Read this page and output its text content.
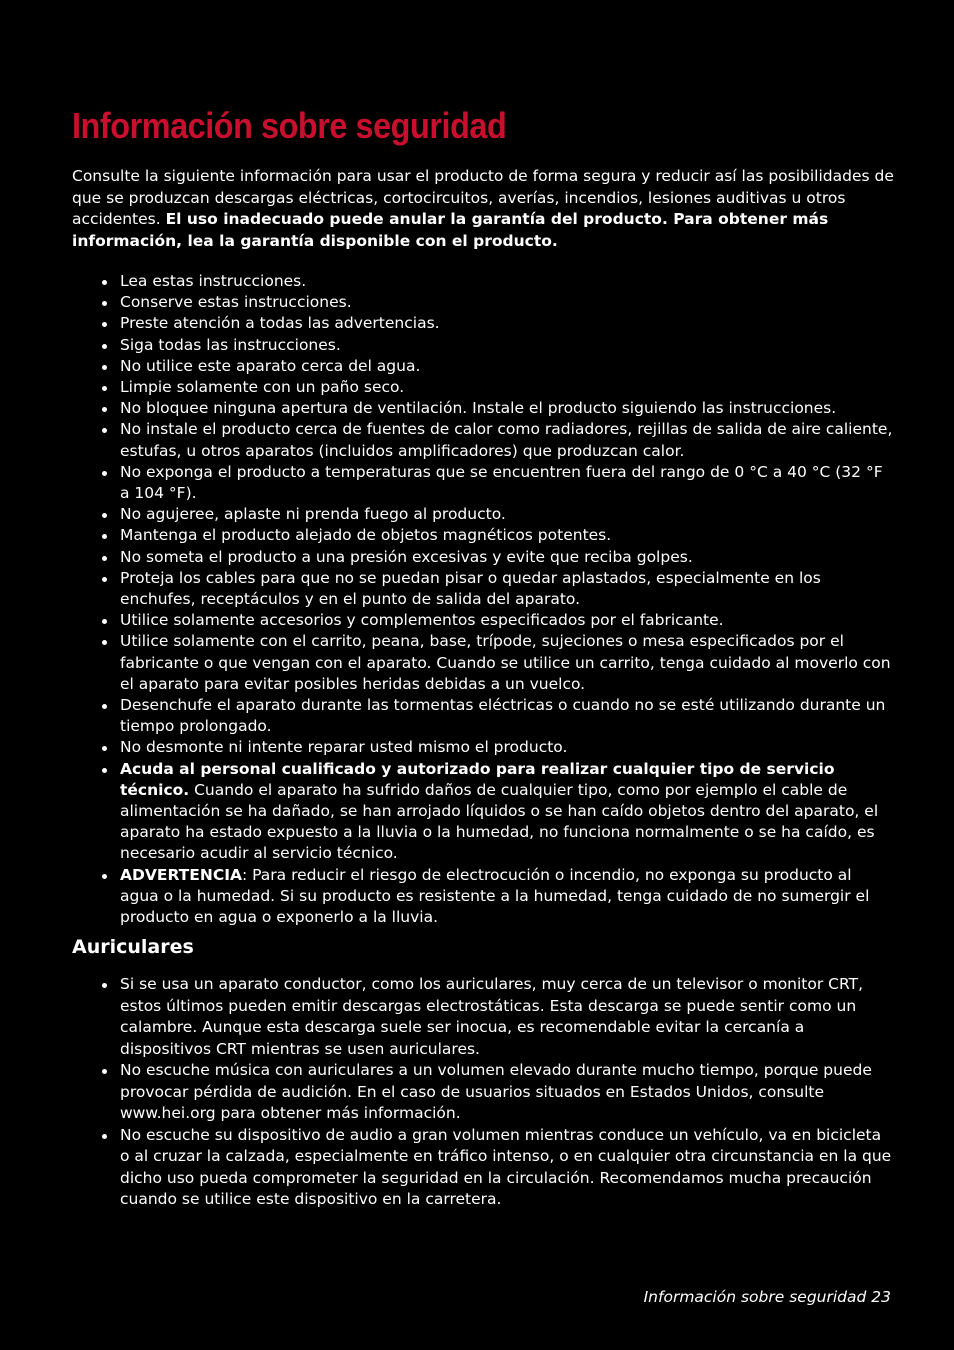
Información sobre seguridad

Consulte la siguiente información para usar el producto de forma segura y reducir así las posibilidades de que se produzcan descargas eléctricas, cortocircuitos, averías, incendios, lesiones auditivas u otros accidentes. El uso inadecuado puede anular la garantía del producto. Para obtener más información, lea la garantía disponible con el producto.

Lea estas instrucciones.
Conserve estas instrucciones.
Preste atención a todas las advertencias.
Siga todas las instrucciones.
No utilice este aparato cerca del agua.
Limpie solamente con un paño seco.
No bloquee ninguna apertura de ventilación. Instale el producto siguiendo las instrucciones.
No instale el producto cerca de fuentes de calor como radiadores, rejillas de salida de aire caliente, estufas, u otros aparatos (incluidos amplificadores) que produzcan calor.
No exponga el producto a temperaturas que se encuentren fuera del rango de 0 °C a 40 °C (32 °F a 104 °F).
No agujeree, aplaste ni prenda fuego al producto.
Mantenga el producto alejado de objetos magnéticos potentes.
No someta el producto a una presión excesivas y evite que reciba golpes.
Proteja los cables para que no se puedan pisar o quedar aplastados, especialmente en los enchufes, receptáculos y en el punto de salida del aparato.
Utilice solamente accesorios y complementos especificados por el fabricante.
Utilice solamente con el carrito, peana, base, trípode, sujeciones o mesa especificados por el fabricante o que vengan con el aparato. Cuando se utilice un carrito, tenga cuidado al moverlo con el aparato para evitar posibles heridas debidas a un vuelco.
Desenchufe el aparato durante las tormentas eléctricas o cuando no se esté utilizando durante un tiempo prolongado.
No desmonte ni intente reparar usted mismo el producto.
Acuda al personal cualificado y autorizado para realizar cualquier tipo de servicio técnico. Cuando el aparato ha sufrido daños de cualquier tipo, como por ejemplo el cable de alimentación se ha dañado, se han arrojado líquidos o se han caído objetos dentro del aparato, el aparato ha estado expuesto a la lluvia o la humedad, no funciona normalmente o se ha caído, es necesario acudir al servicio técnico.
ADVERTENCIA: Para reducir el riesgo de electrocución o incendio, no exponga su producto al agua o la humedad. Si su producto es resistente a la humedad, tenga cuidado de no sumergir el producto en agua o exponerlo a la lluvia.
Auriculares
Si se usa un aparato conductor, como los auriculares, muy cerca de un televisor o monitor CRT, estos últimos pueden emitir descargas electrostáticas. Esta descarga se puede sentir como un calambre. Aunque esta descarga suele ser inocua, es recomendable evitar la cercanía a dispositivos CRT mientras se usen auriculares.
No escuche música con auriculares a un volumen elevado durante mucho tiempo, porque puede provocar pérdida de audición. En el caso de usuarios situados en Estados Unidos, consulte www.hei.org para obtener más información.
No escuche su dispositivo de audio a gran volumen mientras conduce un vehículo, va en bicicleta o al cruzar la calzada, especialmente en tráfico intenso, o en cualquier otra circunstancia en la que dicho uso pueda comprometer la seguridad en la circulación. Recomendamos mucha precaución cuando se utilice este dispositivo en la carretera.
Información sobre seguridad 23
